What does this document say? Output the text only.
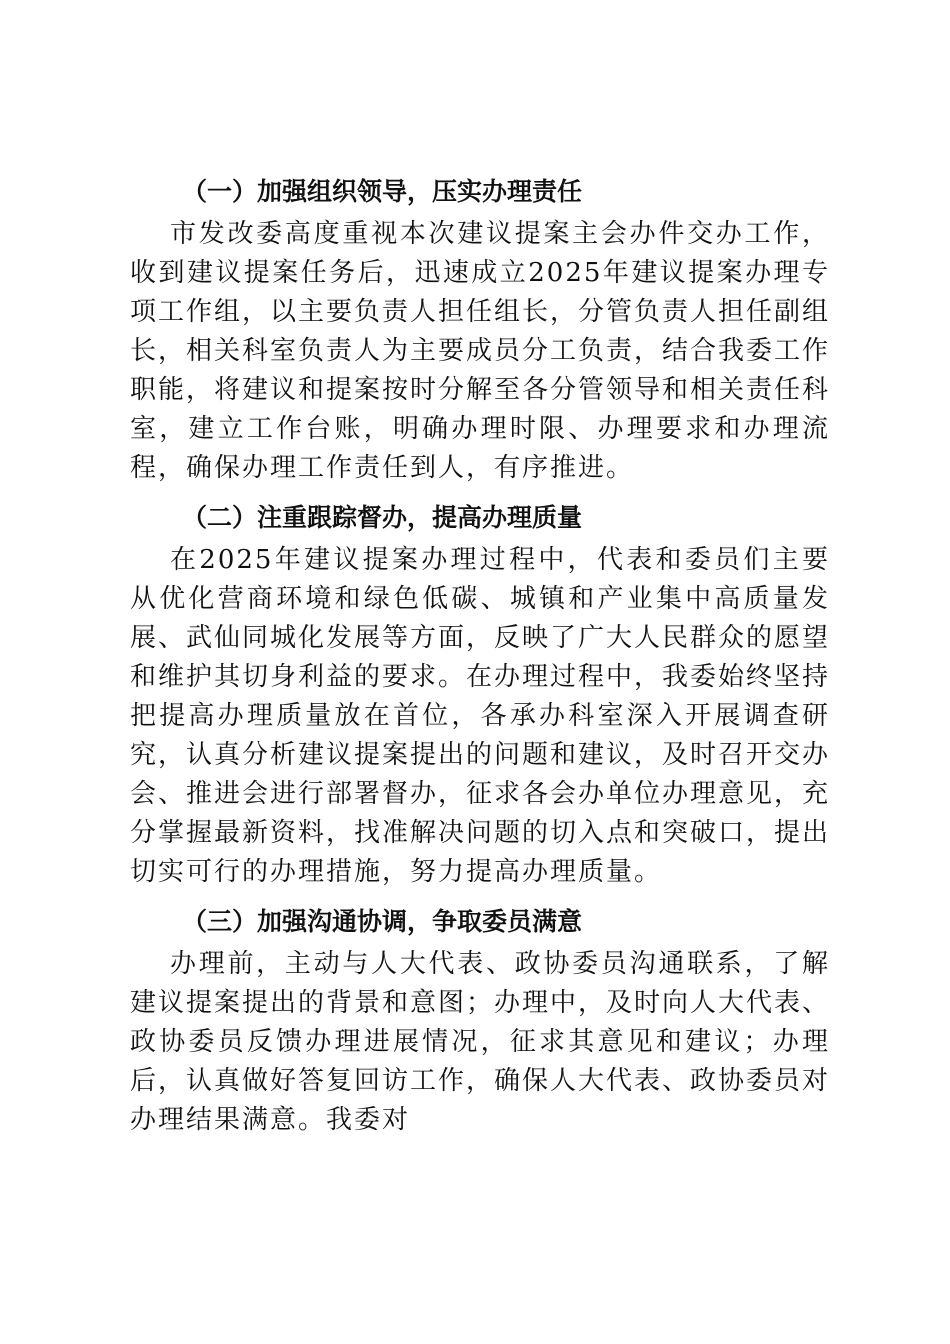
（一）加强组织领导，压实办理责任

市发改委高度重视本次建议提案主会办件交办工作，收到建议提案任务后，迅速成立2025年建议提案办理专项工作组，以主要负责人担任组长，分管负责人担任副组长，相关科室负责人为主要成员分工负责，结合我委工作职能，将建议和提案按时分解至各分管领导和相关责任科室，建立工作台账，明确办理时限、办理要求和办理流程，确保办理工作责任到人，有序推进。

（二）注重跟踪督办，提高办理质量

在2025年建议提案办理过程中，代表和委员们主要从优化营商环境和绿色低碳、城镇和产业集中高质量发展、武仙同城化发展等方面，反映了广大人民群众的愿望和维护其切身利益的要求。在办理过程中，我委始终坚持把提高办理质量放在首位，各承办科室深入开展调查研究，认真分析建议提案提出的问题和建议，及时召开交办会、推进会进行部署督办，征求各会办单位办理意见，充分掌握最新资料，找准解决问题的切入点和突破口，提出切实可行的办理措施，努力提高办理质量。

（三）加强沟通协调，争取委员满意

办理前，主动与人大代表、政协委员沟通联系，了解建议提案提出的背景和意图；办理中，及时向人大代表、政协委员反馈办理进展情况，征求其意见和建议；办理后，认真做好答复回访工作，确保人大代表、政协委员对办理结果满意。我委对
